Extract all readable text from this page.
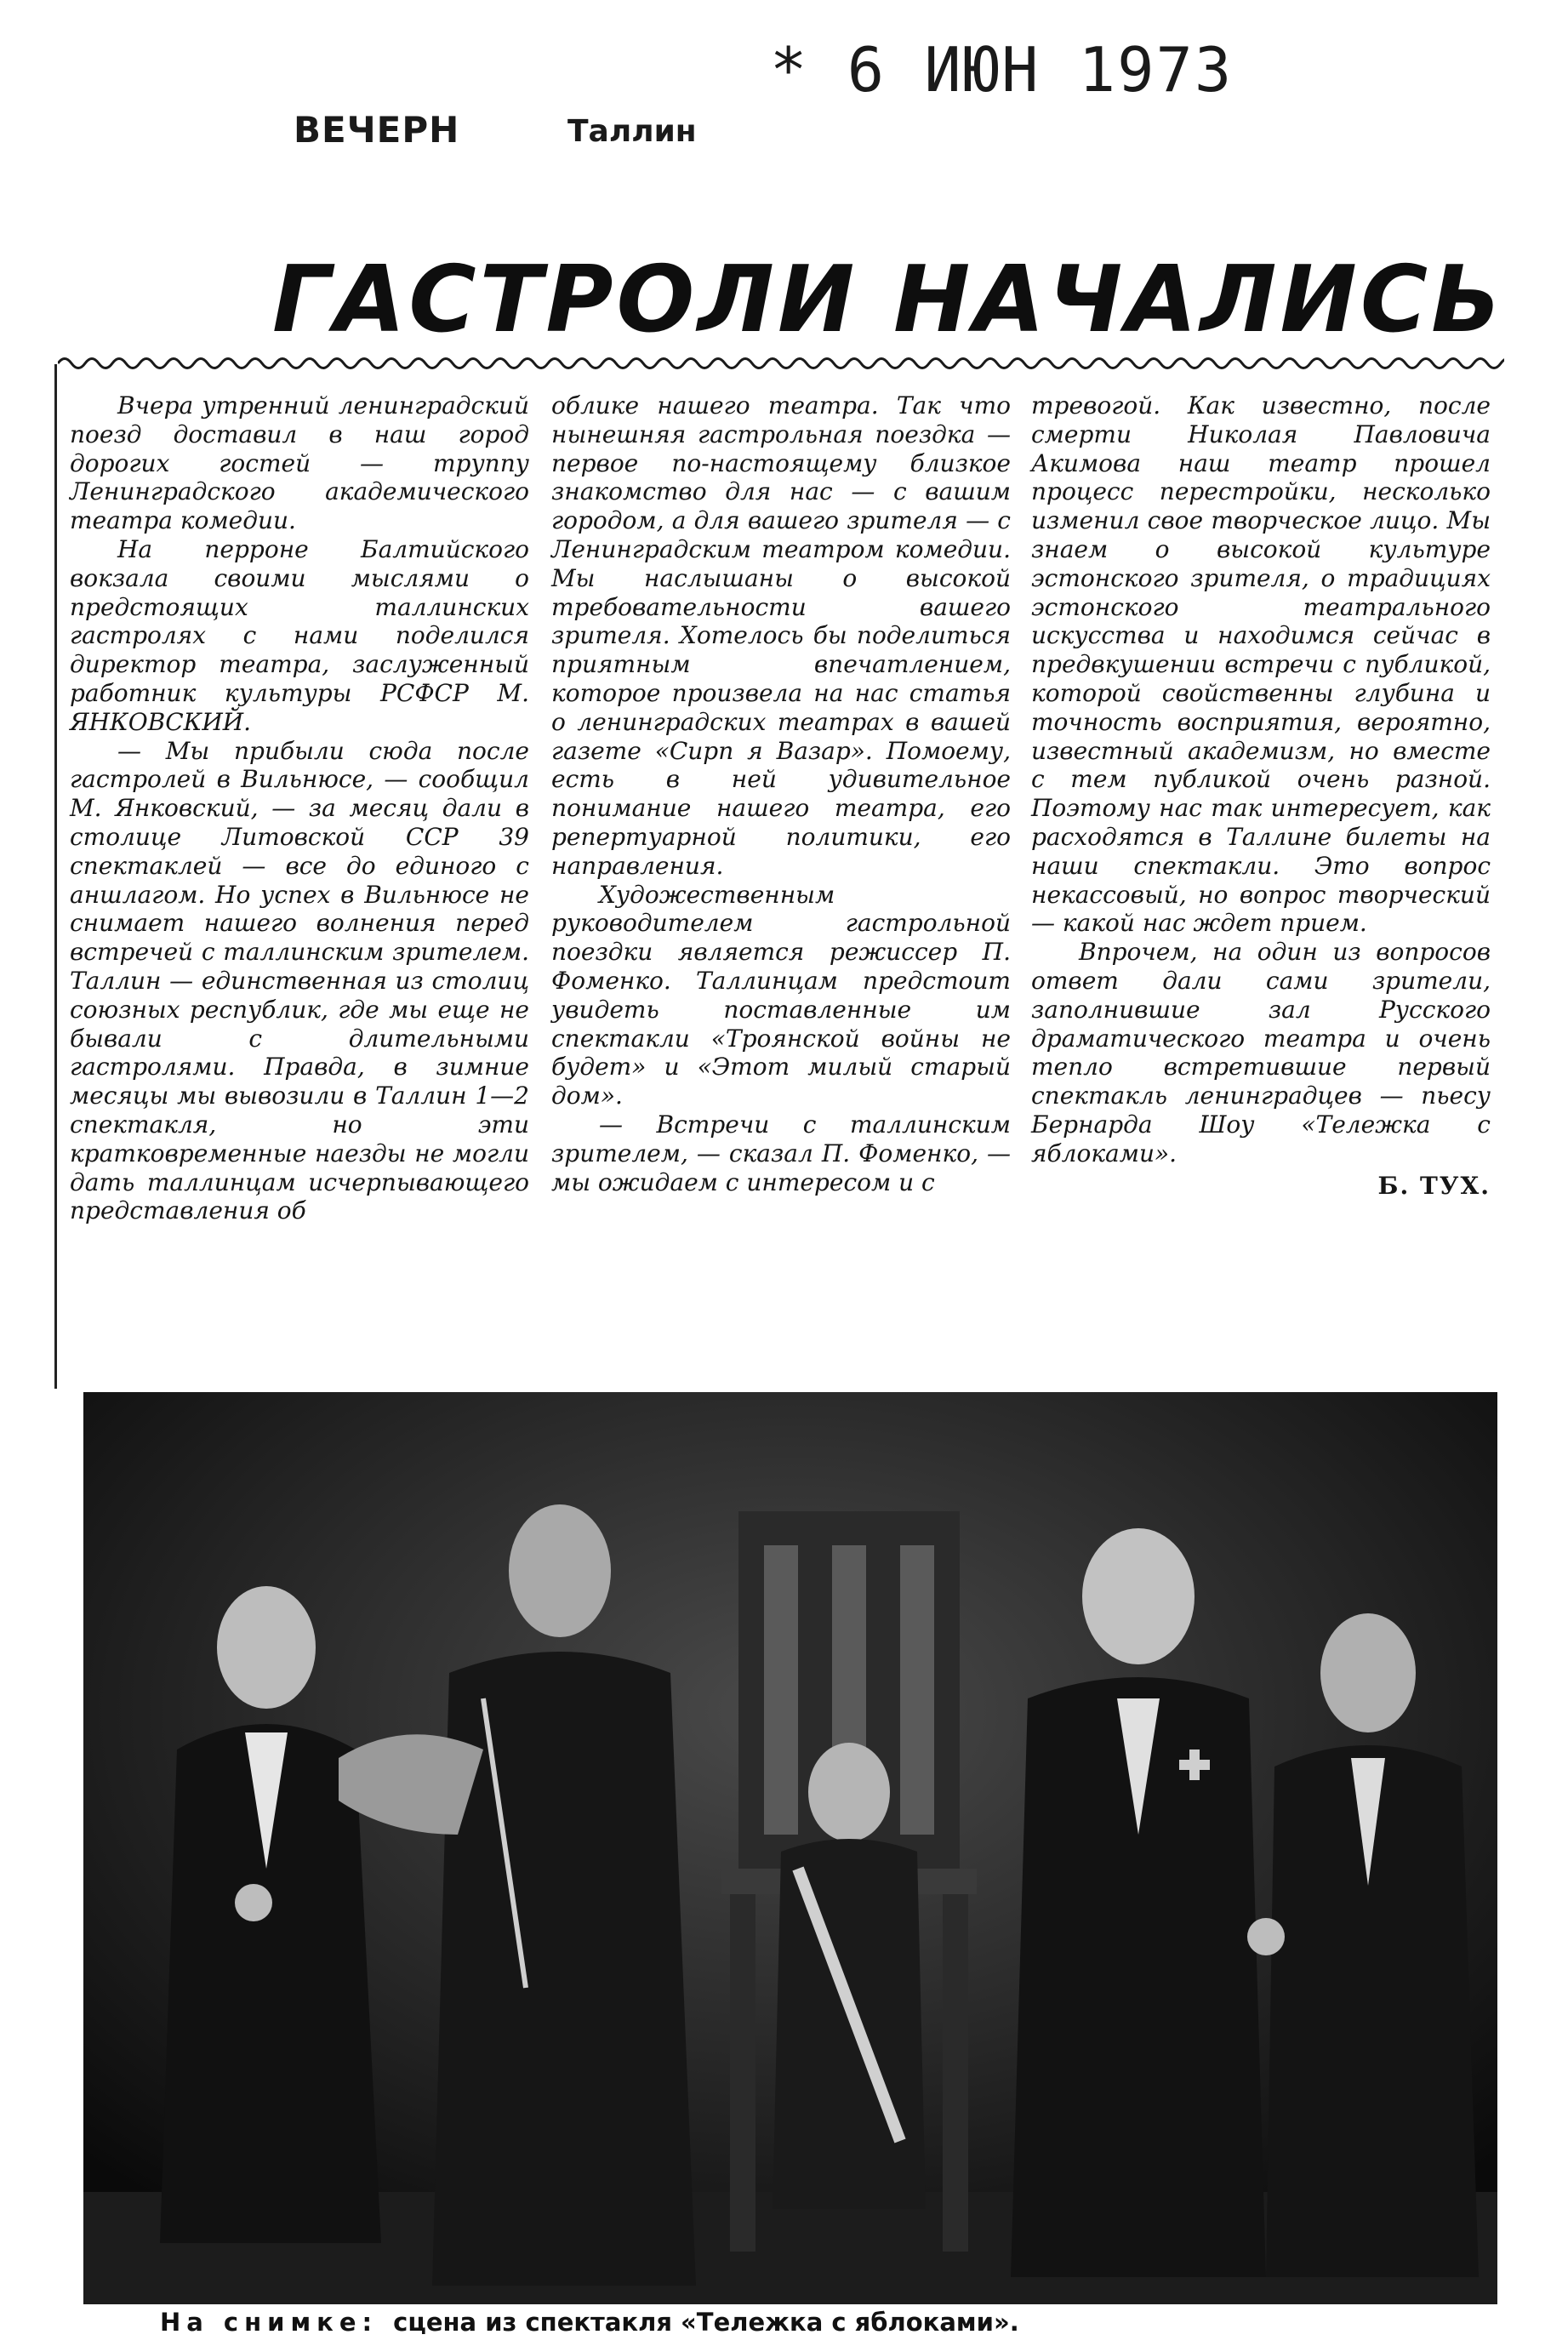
ВЕЧЕРН	Таллин
* 6 ИЮН 1973
ГАСТРОЛИ НАЧАЛИСЬ

Вчера утренний ленинградский поезд доставил в наш город дорогих гостей — труппу Ленинградского академического театра комедии.

На перроне Балтийского вокзала своими мыслями о предстоящих таллинских гастролях с нами поделился директор театра, заслуженный работник культуры РСФСР М. ЯНКОВСКИЙ.

— Мы прибыли сюда после гастролей в Вильнюсе, — сообщил М. Янковский, — за месяц дали в столице Литовской ССР 39 спектаклей — все до единого с аншлагом. Но успех в Вильнюсе не снимает нашего волнения перед встречей с таллинским зрителем. Таллин — единственная из столиц союзных республик, где мы еще не бывали с длительными гастролями. Правда, в зимние месяцы мы вывозили в Таллин 1—2 спектакля, но эти кратковременные наезды не могли дать таллинцам исчерпывающего представления об

облике нашего театра. Так что нынешняя гастрольная поездка — первое по-настоящему близкое знакомство для нас — с вашим городом, а для вашего зрителя — с Ленинградским театром комедии. Мы наслышаны о высокой требовательности вашего зрителя. Хотелось бы поделиться приятным впечатлением, которое произвела на нас статья о ленинградских театрах в вашей газете «Сирп я Вазар». Помоему, есть в ней удивительное понимание нашего театра, его репертуарной политики, его направления.

Художественным руководителем гастрольной поездки является режиссер П. Фоменко. Таллинцам предстоит увидеть поставленные им спектакли «Троянской войны не будет» и «Этот милый старый дом».

— Встречи с таллинским зрителем, — сказал П. Фоменко, — мы ожидаем с интересом и с

тревогой. Как известно, после смерти Николая Павловича Акимова наш театр прошел процесс перестройки, несколько изменил свое творческое лицо. Мы знаем о высокой культуре эстонского зрителя, о традициях эстонского театрального искусства и находимся сейчас в предвкушении встречи с публикой, которой свойственны глубина и точность восприятия, вероятно, известный академизм, но вместе с тем публикой очень разной. Поэтому нас так интересует, как расходятся в Таллине билеты на наши спектакли. Это вопрос некассовый, но вопрос творческий — какой нас ждет прием.

Впрочем, на один из вопросов ответ дали сами зрители, заполнившие зал Русского драматического театра и очень тепло встретившие первый спектакль ленинградцев — пьесу Бернарда Шоу «Тележка с яблоками».

Б. ТУХ.
На снимке: сцена из спектакля «Тележка с яблоками».
